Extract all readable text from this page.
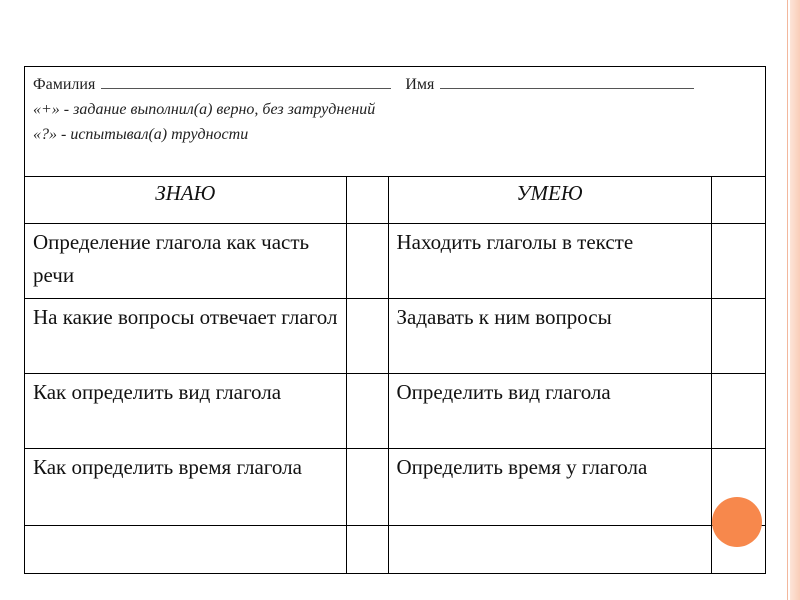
Фамилия	Имя
«+» - задание выполнил(а) верно, без затруднений
«?» - испытывал(а) трудности
ЗНАЮ		УМЕЮ	

Определение глагола как часть речи		Находить глаголы в тексте	

На какие вопросы отвечает глагол		Задавать к ним вопросы	

Как определить вид глагола		Определить вид глагола	

Как определить время глагола		Определить время у глагола	
